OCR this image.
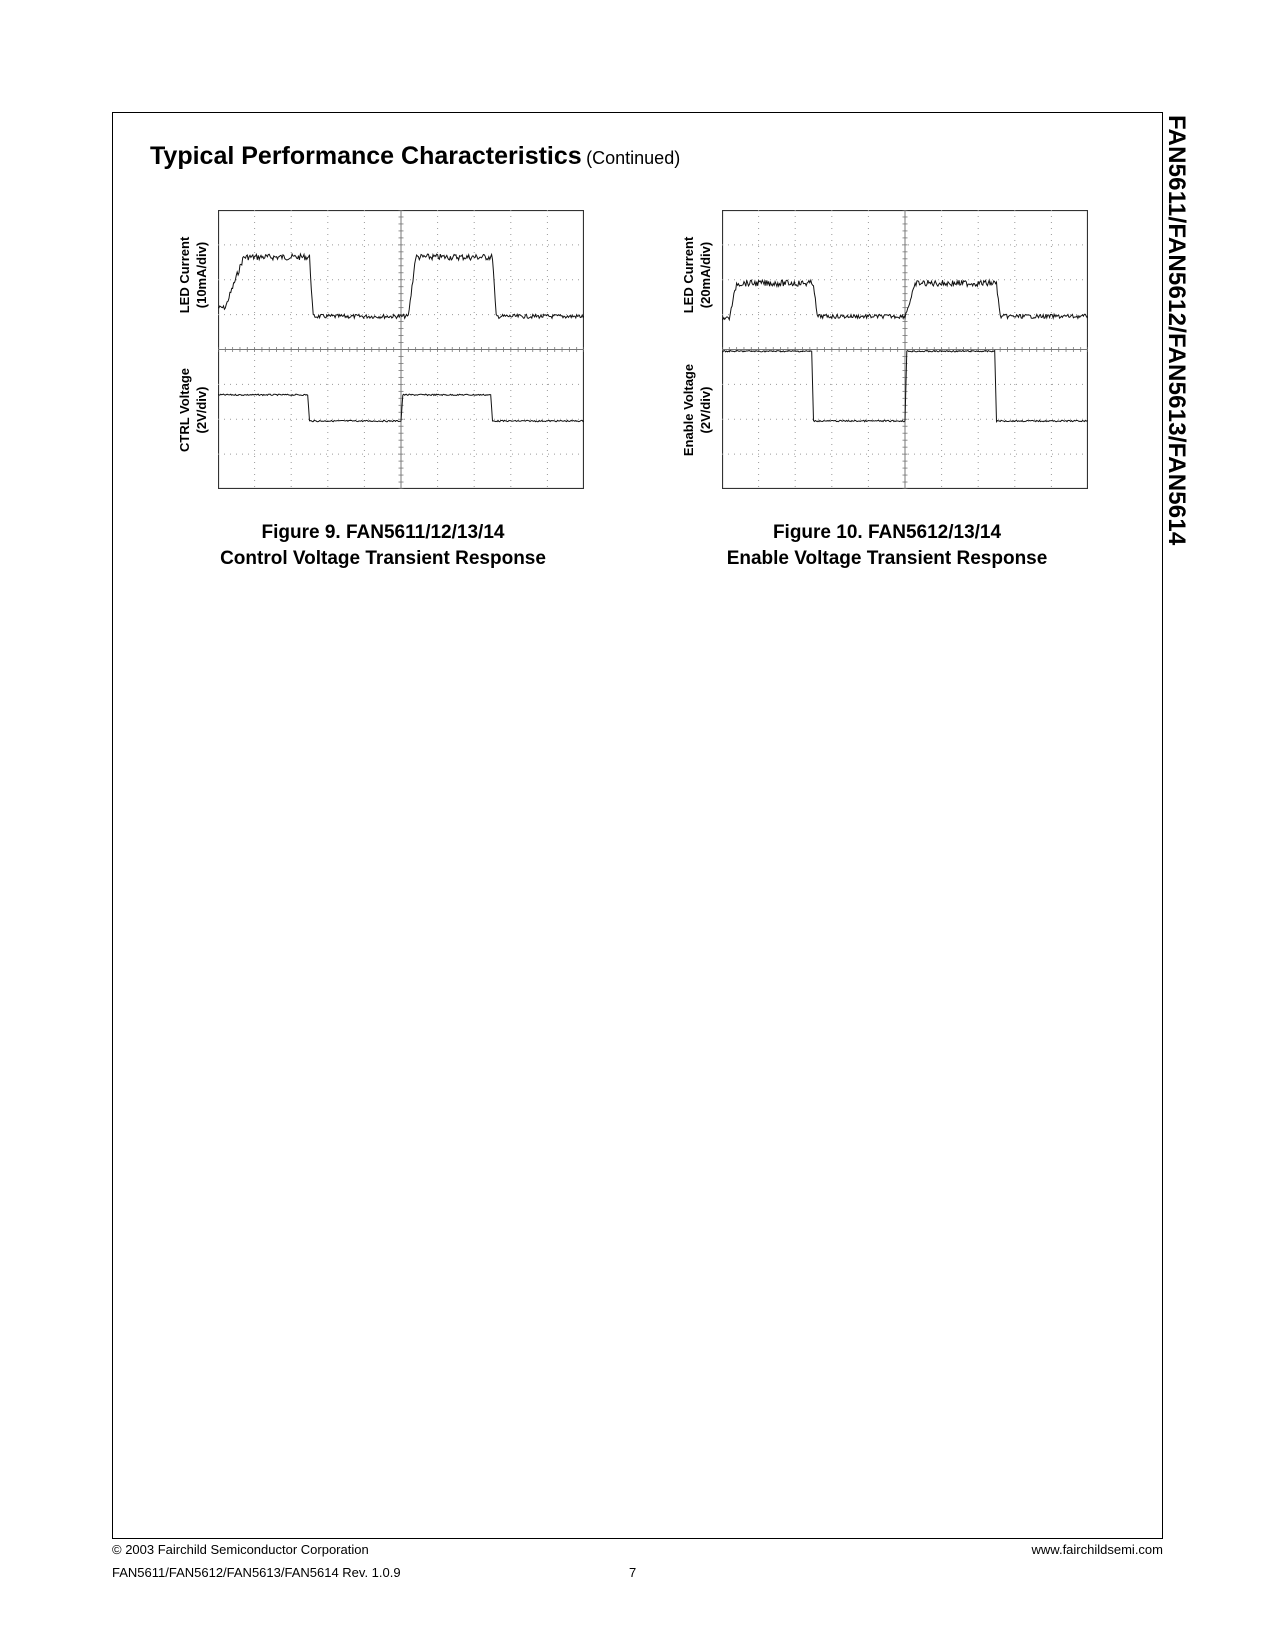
FAN5611/FAN5612/FAN5613/FAN5614
Typical Performance Characteristics (Continued)
LED Current (10mA/div)
CTRL Voltage (2V/div)
LED Current (20mA/div)
Enable Voltage (2V/div)
Figure 9. FAN5611/12/13/14
Control Voltage Transient Response
Figure 10. FAN5612/13/14
Enable Voltage Transient Response
© 2003 Fairchild Semiconductor Corporation
FAN5611/FAN5612/FAN5613/FAN5614 Rev. 1.0.9	7
www.fairchildsemi.com
